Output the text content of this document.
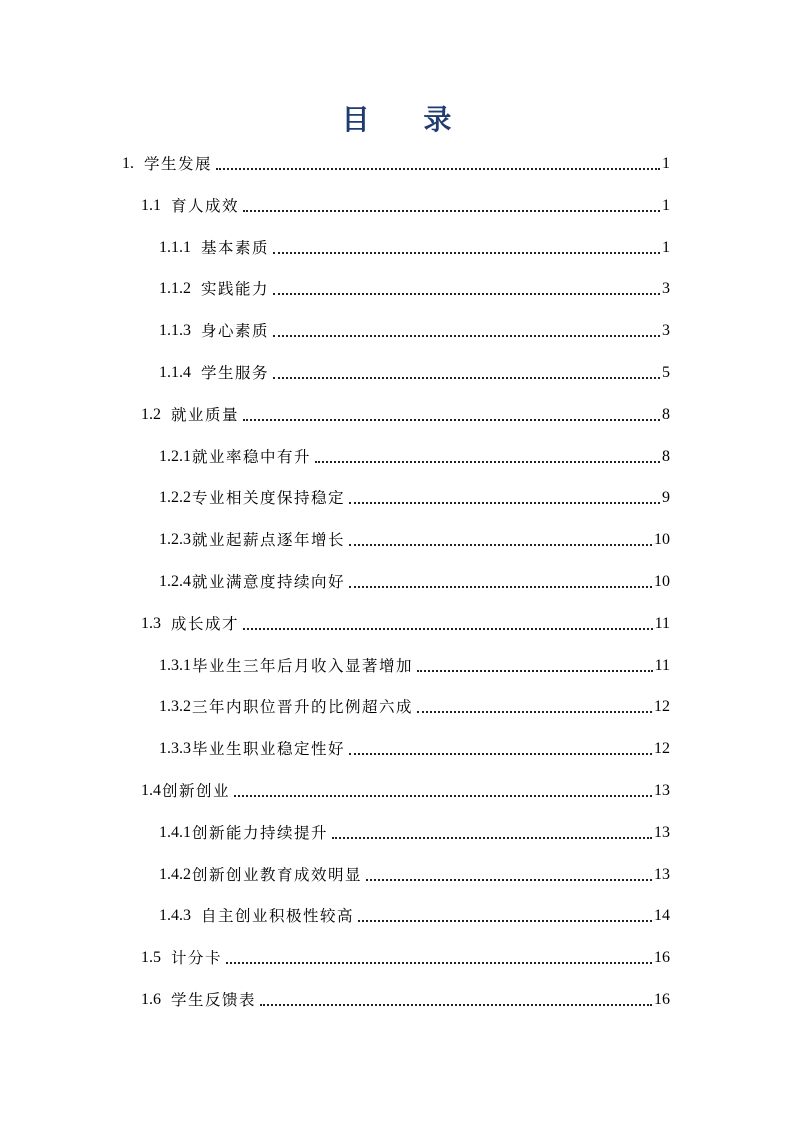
目 录
1. 学生发展	1
1.1 育人成效	1
1.1.1 基本素质	1
1.1.2 实践能力	3
1.1.3 身心素质	3
1.1.4 学生服务	5
1.2 就业质量	8
1.2.1 就业率稳中有升	8
1.2.2 专业相关度保持稳定	9
1.2.3 就业起薪点逐年增长	10
1.2.4 就业满意度持续向好	10
1.3 成长成才	11
1.3.1 毕业生三年后月收入显著增加	11
1.3.2 三年内职位晋升的比例超六成	12
1.3.3 毕业生职业稳定性好	12
1.4 创新创业	13
1.4.1 创新能力持续提升	13
1.4.2 创新创业教育成效明显	13
1.4.3 自主创业积极性较高	14
1.5 计分卡	16
1.6 学生反馈表	16
